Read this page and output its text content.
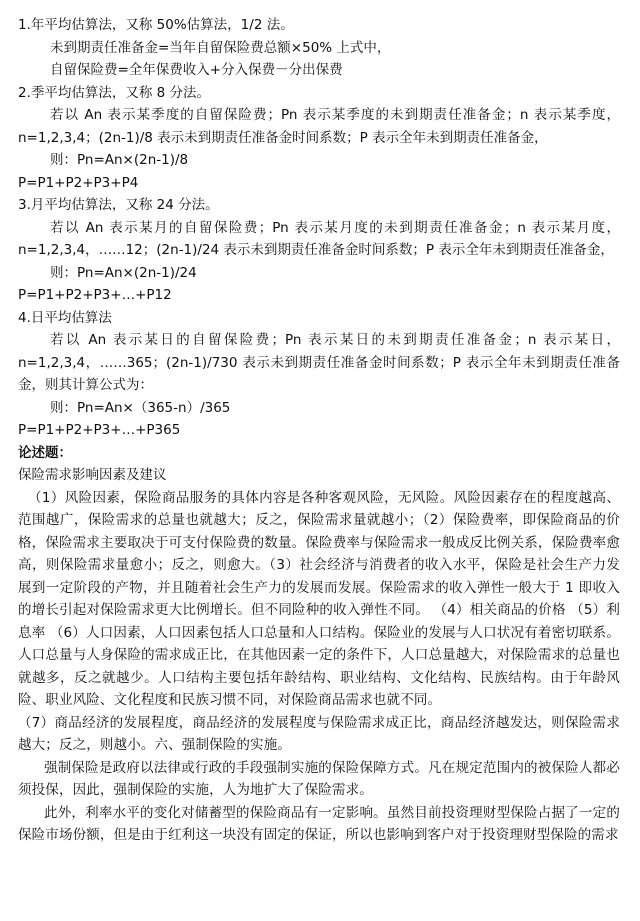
1.年平均估算法，又称 50%估算法，1/2 法。
未到期责任准备金=当年自留保险费总额×50% 上式中，
自留保险费=全年保费收入+分入保费－分出保费
2.季平均估算法，又称 8 分法。
若以 An 表示某季度的自留保险费；Pn 表示某季度的未到期责任准备金；n 表示某季度，n=1,2,3,4；(2n-1)/8 表示未到期责任准备金时间系数；P 表示全年未到期责任准备金，
则：Pn=An×(2n-1)/8
P=P1+P2+P3+P4
3.月平均估算法，又称 24 分法。
若以 An 表示某月的自留保险费；Pn 表示某月度的未到期责任准备金；n 表示某月度，n=1,2,3,4，……12；(2n-1)/24 表示未到期责任准备金时间系数；P 表示全年未到期责任准备金，
则：Pn=An×(2n-1)/24
P=P1+P2+P3+…+P12
4.日平均估算法
若以 An 表示某日的自留保险费；Pn 表示某日的未到期责任准备金；n 表示某日，n=1,2,3,4，……365；(2n-1)/730 表示未到期责任准备金时间系数；P 表示全年未到期责任准备金，则其计算公式为：
则：Pn=An×（365-n）/365
P=P1+P2+P3+…+P365
论述题：
保险需求影响因素及建议
（1）风险因素，保险商品服务的具体内容是各种客观风险，无风险。风险因素存在的程度越高、范围越广，保险需求的总量也就越大；反之，保险需求量就越小；（2）保险费率，即保险商品的价格，保险需求主要取决于可支付保险费的数量。保险费率与保险需求一般成反比例关系，保险费率愈高，则保险需求量愈小；反之，则愈大。（3）社会经济与消费者的收入水平，保险是社会生产力发展到一定阶段的产物，并且随着社会生产力的发展而发展。保险需求的收入弹性一般大于 1 即收入的增长引起对保险需求更大比例增长。但不同险种的收入弹性不同。 （4）相关商品的价格 （5）利息率 （6）人口因素，人口因素包括人口总量和人口结构。保险业的发展与人口状况有着密切联系。人口总量与人身保险的需求成正比，在其他因素一定的条件下，人口总量越大，对保险需求的总量也就越多，反之就越少。人口结构主要包括年龄结构、职业结构、文化结构、民族结构。由于年龄风险、职业风险、文化程度和民族习惯不同，对保险商品需求也就不同。
（7）商品经济的发展程度，商品经济的发展程度与保险需求成正比，商品经济越发达，则保险需求越大；反之，则越小。六、强制保险的实施。
强制保险是政府以法律或行政的手段强制实施的保险保障方式。凡在规定范围内的被保险人都必须投保，因此，强制保险的实施，人为地扩大了保险需求。
此外，利率水平的变化对储蓄型的保险商品有一定影响。虽然目前投资理财型保险占据了一定的保险市场份额，但是由于红利这一块没有固定的保证，所以也影响到客户对于投资理财型保险的需求
